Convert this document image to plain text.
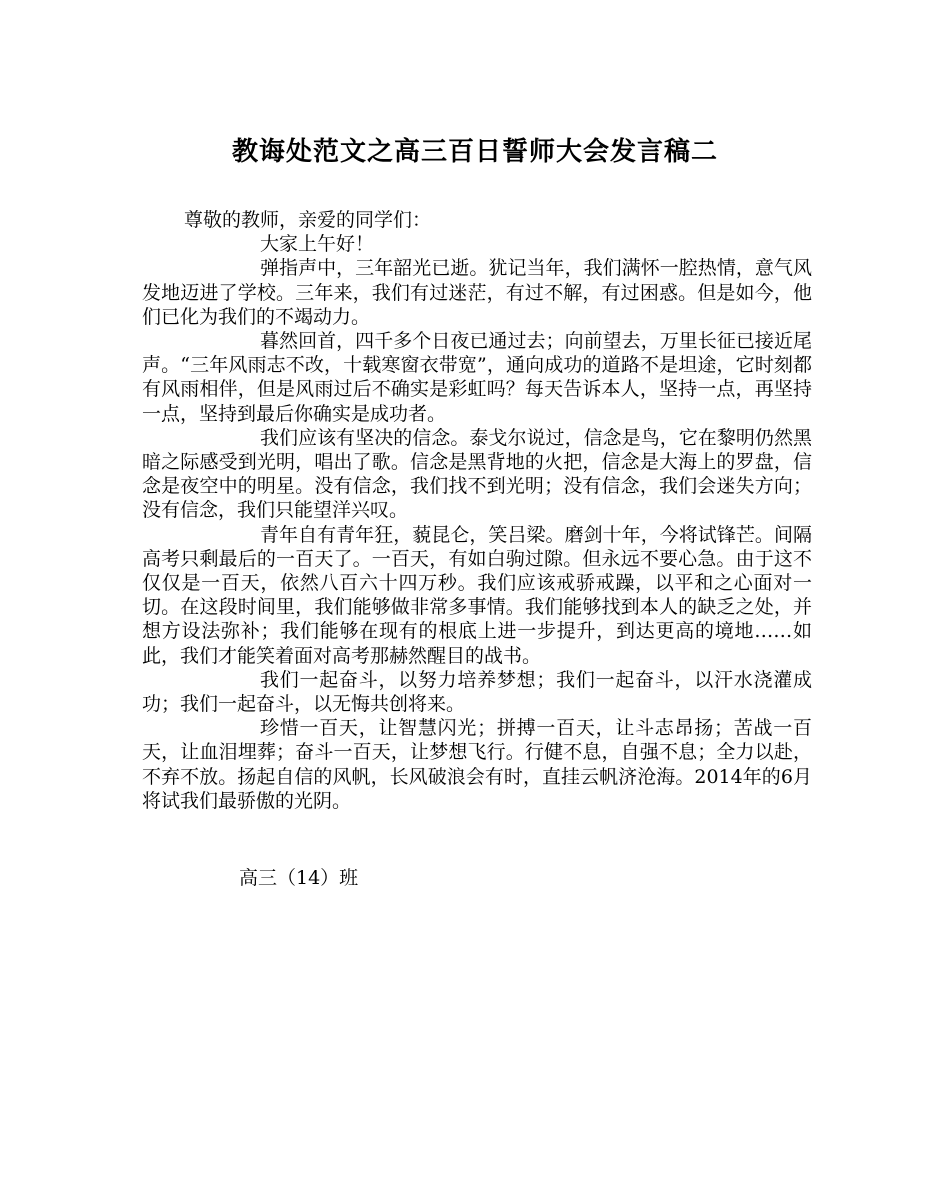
教诲处范文之高三百日誓师大会发言稿二

尊敬的教师，亲爱的同学们：

大家上午好！

弹指声中，三年韶光已逝。犹记当年，我们满怀一腔热情，意气风发地迈进了学校。三年来，我们有过迷茫，有过不解，有过困惑。但是如今，他们已化为我们的不竭动力。

暮然回首，四千多个日夜已通过去；向前望去，万里长征已接近尾声。“三年风雨志不改，十载寒窗衣带宽”，通向成功的道路不是坦途，它时刻都有风雨相伴，但是风雨过后不确实是彩虹吗？每天告诉本人，坚持一点，再坚持一点，坚持到最后你确实是成功者。

我们应该有坚决的信念。泰戈尔说过，信念是鸟，它在黎明仍然黑暗之际感受到光明，唱出了歌。信念是黑背地的火把，信念是大海上的罗盘，信念是夜空中的明星。没有信念，我们找不到光明；没有信念，我们会迷失方向；没有信念，我们只能望洋兴叹。

青年自有青年狂，藐昆仑，笑吕梁。磨剑十年，今将试锋芒。间隔高考只剩最后的一百天了。一百天，有如白驹过隙。但永远不要心急。由于这不仅仅是一百天，依然八百六十四万秒。我们应该戒骄戒躁，以平和之心面对一切。在这段时间里，我们能够做非常多事情。我们能够找到本人的缺乏之处，并想方设法弥补；我们能够在现有的根底上进一步提升，到达更高的境地……如此，我们才能笑着面对高考那赫然醒目的战书。

我们一起奋斗，以努力培养梦想；我们一起奋斗，以汗水浇灌成功；我们一起奋斗，以无悔共创将来。

珍惜一百天，让智慧闪光；拼搏一百天，让斗志昂扬；苦战一百天，让血泪埋葬；奋斗一百天，让梦想飞行。行健不息，自强不息；全力以赴，不弃不放。扬起自信的风帆，长风破浪会有时，直挂云帆济沧海。2014年的6月将试我们最骄傲的光阴。

高三（14）班
